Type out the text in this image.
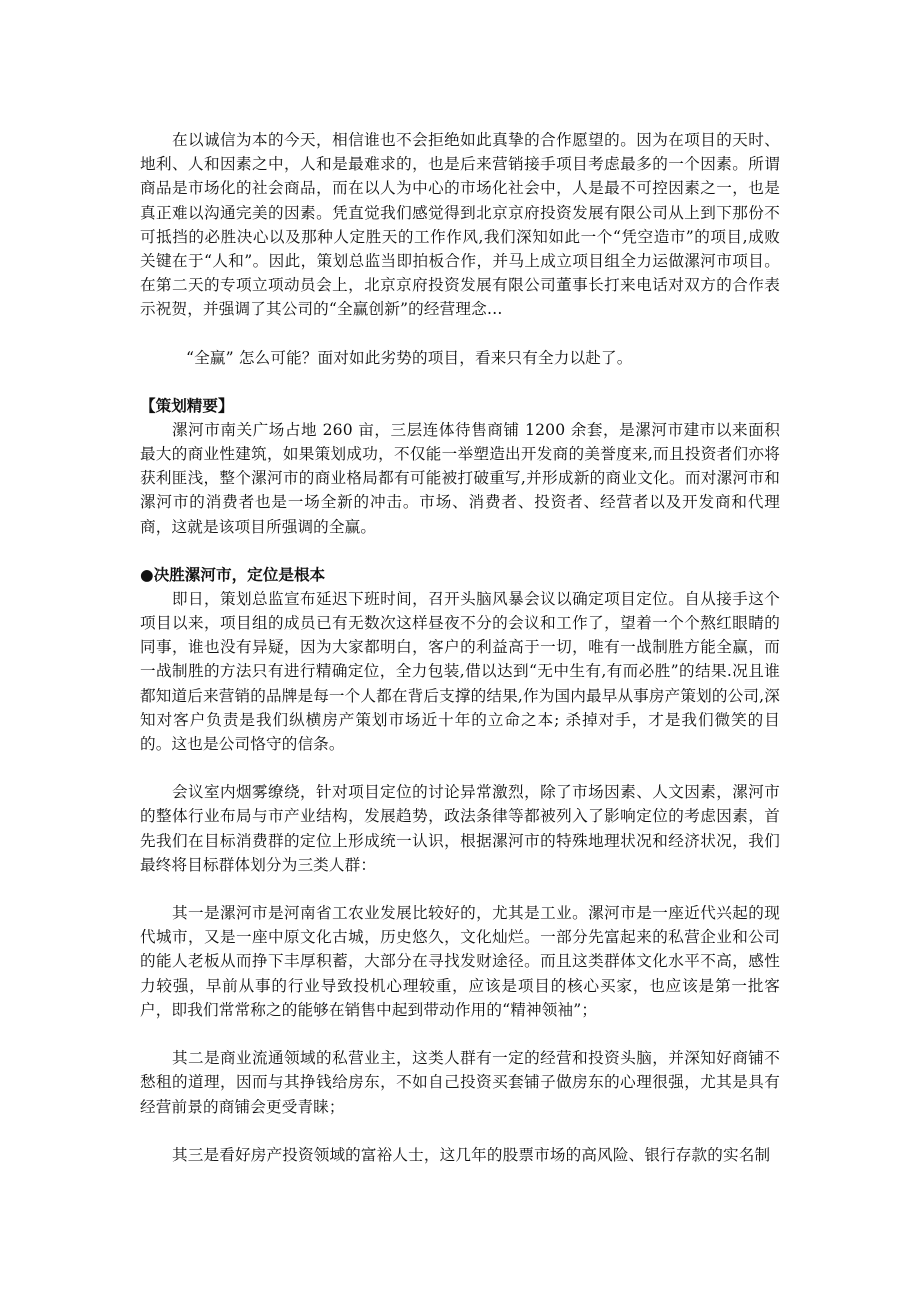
在以诚信为本的今天，相信谁也不会拒绝如此真挚的合作愿望的。因为在项目的天时、地利、人和因素之中，人和是最难求的，也是后来营销接手项目考虑最多的一个因素。所谓商品是市场化的社会商品，而在以人为中心的市场化社会中，人是最不可控因素之一，也是真正难以沟通完美的因素。凭直觉我们感觉得到北京京府投资发展有限公司从上到下那份不可抵挡的必胜决心以及那种人定胜天的工作作风,我们深知如此一个“凭空造市”的项目,成败关键在于“人和”。因此，策划总监当即拍板合作，并马上成立项目组全力运做漯河市项目。在第二天的专项立项动员会上，北京京府投资发展有限公司董事长打来电话对双方的合作表示祝贺，并强调了其公司的“全赢创新”的经营理念…

“全赢” 怎么可能？面对如此劣势的项目，看来只有全力以赴了。

【策划精要】

漯河市南关广场占地 260 亩，三层连体待售商铺 1200 余套，是漯河市建市以来面积最大的商业性建筑，如果策划成功，不仅能一举塑造出开发商的美誉度来,而且投资者们亦将获利匪浅，整个漯河市的商业格局都有可能被打破重写,并形成新的商业文化。而对漯河市和漯河市的消费者也是一场全新的冲击。市场、消费者、投资者、经营者以及开发商和代理商，这就是该项目所强调的全赢。

●决胜漯河市，定位是根本

即日，策划总监宣布延迟下班时间，召开头脑风暴会议以确定项目定位。自从接手这个项目以来，项目组的成员已有无数次这样昼夜不分的会议和工作了，望着一个个熬红眼睛的同事，谁也没有异疑，因为大家都明白，客户的利益高于一切，唯有一战制胜方能全赢，而一战制胜的方法只有进行精确定位，全力包装,借以达到“无中生有,有而必胜”的结果.况且谁都知道后来营销的品牌是每一个人都在背后支撑的结果,作为国内最早从事房产策划的公司,深知对客户负责是我们纵横房产策划市场近十年的立命之本; 杀掉对手，才是我们微笑的目的。这也是公司恪守的信条。

会议室内烟雾缭绕，针对项目定位的讨论异常激烈，除了市场因素、人文因素，漯河市的整体行业布局与市产业结构，发展趋势，政法条律等都被列入了影响定位的考虑因素，首先我们在目标消费群的定位上形成统一认识，根据漯河市的特殊地理状况和经济状况，我们最终将目标群体划分为三类人群：

其一是漯河市是河南省工农业发展比较好的，尤其是工业。漯河市是一座近代兴起的现代城市，又是一座中原文化古城，历史悠久，文化灿烂。一部分先富起来的私营企业和公司的能人老板从而挣下丰厚积蓄，大部分在寻找发财途径。而且这类群体文化水平不高，感性力较强，早前从事的行业导致投机心理较重，应该是项目的核心买家，也应该是第一批客户，即我们常常称之的能够在销售中起到带动作用的“精神领袖”；

其二是商业流通领域的私营业主，这类人群有一定的经营和投资头脑，并深知好商铺不愁租的道理，因而与其挣钱给房东，不如自己投资买套铺子做房东的心理很强，尤其是具有经营前景的商铺会更受青睐；

其三是看好房产投资领域的富裕人士，这几年的股票市场的高风险、银行存款的实名制
